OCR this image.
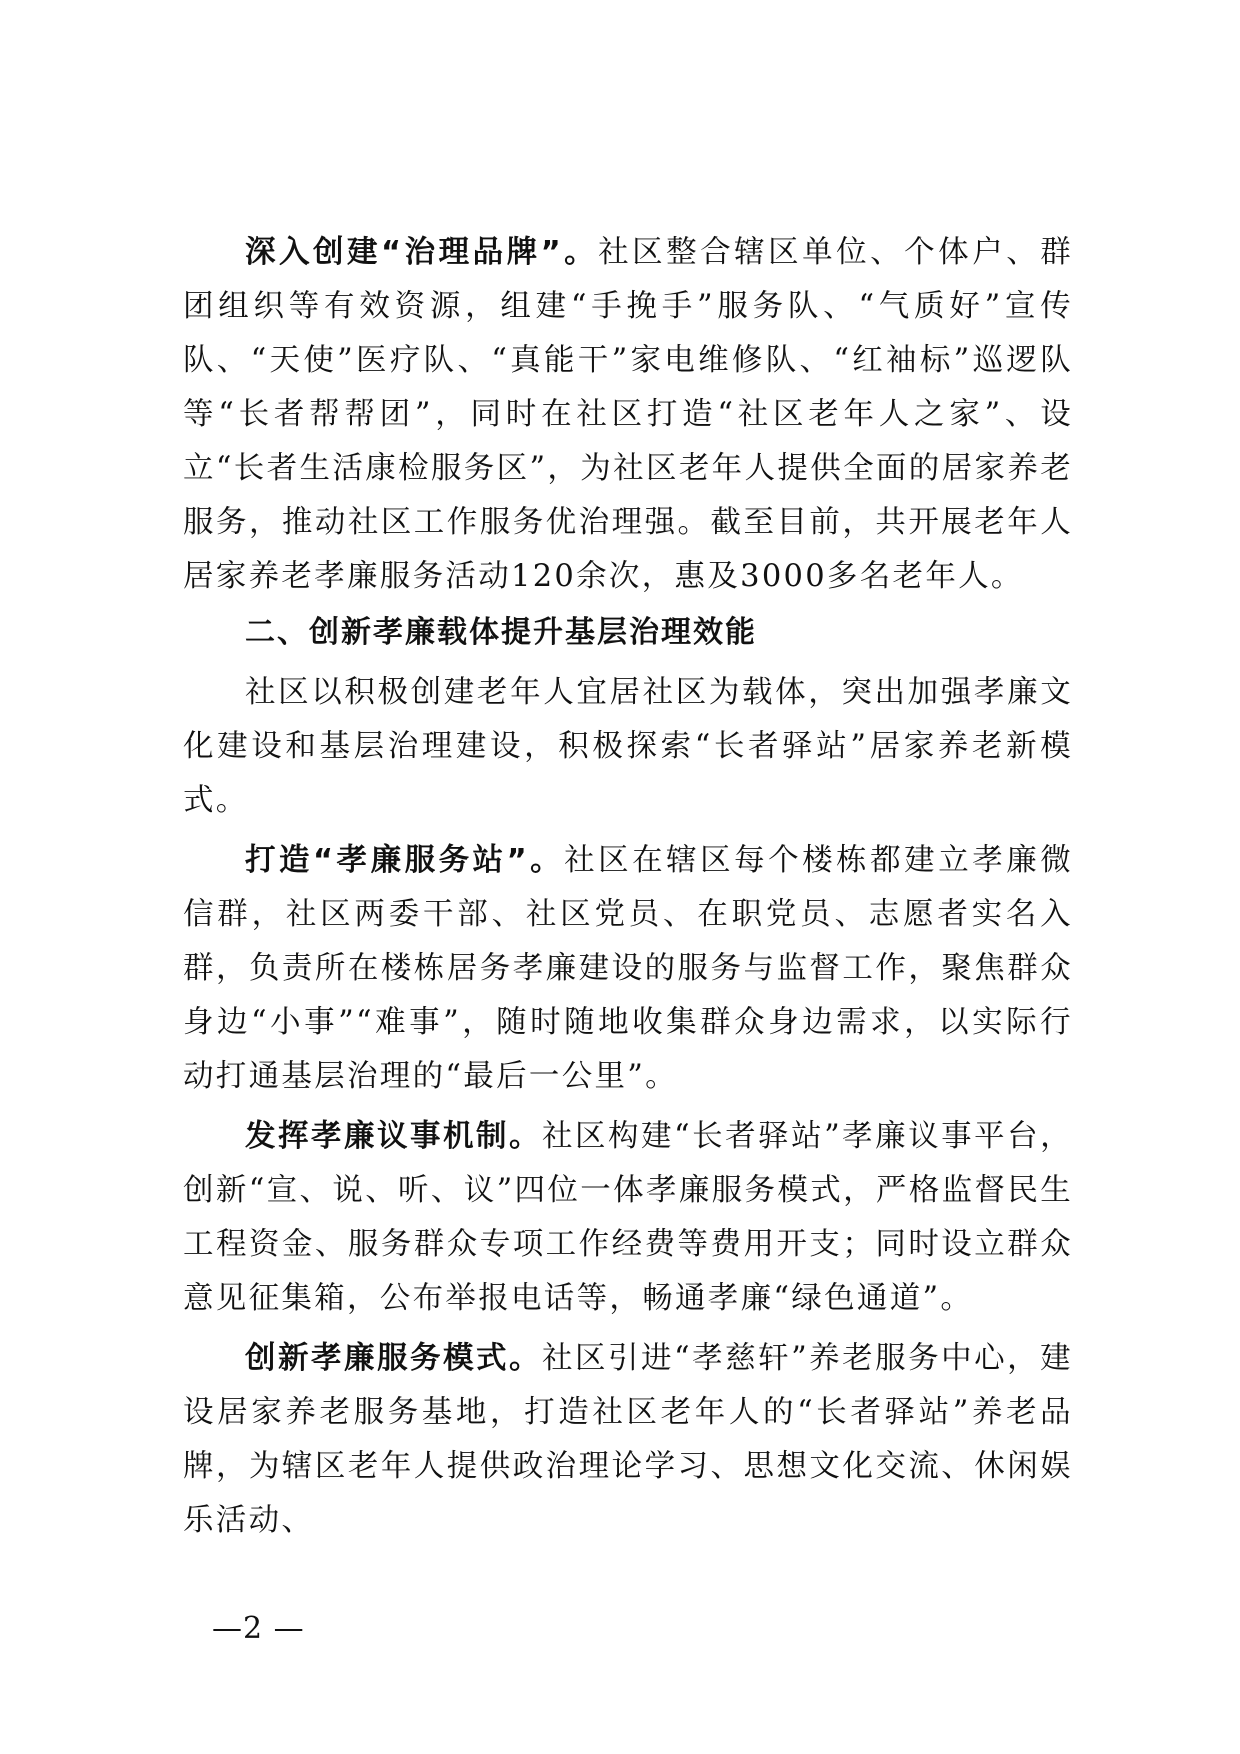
深入创建“治理品牌”。社区整合辖区单位、个体户、群团组织等有效资源，组建“手挽手”服务队、“气质好”宣传队、“天使”医疗队、“真能干”家电维修队、“红袖标”巡逻队等“长者帮帮团”，同时在社区打造“社区老年人之家”、设立“长者生活康检服务区”，为社区老年人提供全面的居家养老服务，推动社区工作服务优治理强。截至目前，共开展老年人居家养老孝廉服务活动120余次，惠及3000多名老年人。

二、创新孝廉载体提升基层治理效能

社区以积极创建老年人宜居社区为载体，突出加强孝廉文化建设和基层治理建设，积极探索“长者驿站”居家养老新模式。

打造“孝廉服务站”。社区在辖区每个楼栋都建立孝廉微信群，社区两委干部、社区党员、在职党员、志愿者实名入群，负责所在楼栋居务孝廉建设的服务与监督工作，聚焦群众身边“小事”“难事”，随时随地收集群众身边需求，以实际行动打通基层治理的“最后一公里”。

发挥孝廉议事机制。社区构建“长者驿站”孝廉议事平台，创新“宣、说、听、议”四位一体孝廉服务模式，严格监督民生工程资金、服务群众专项工作经费等费用开支；同时设立群众意见征集箱，公布举报电话等，畅通孝廉“绿色通道”。

创新孝廉服务模式。社区引进“孝慈轩”养老服务中心，建设居家养老服务基地，打造社区老年人的“长者驿站”养老品牌，为辖区老年人提供政治理论学习、思想文化交流、休闲娱乐活动、

—2 —
